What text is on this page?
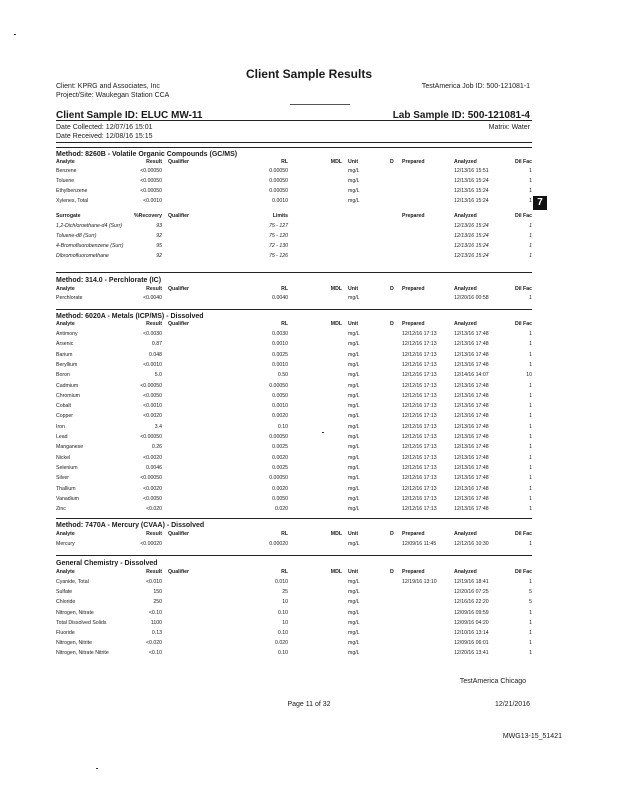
Client Sample Results
Client: KPRG and Associates, Inc
Project/Site: Waukegan Station CCA
TestAmerica Job ID: 500-121081-1
Client Sample ID: ELUC MW-11	Lab Sample ID: 500-121081-4
Date Collected: 12/07/16 15:01
Date Received: 12/08/16 15:15
Matrix: Water
7
Method: 8260B - Volatile Organic Compounds (GC/MS)
Analyte	Result Qualifier	RL	MDL Unit	D Prepared	Analyzed	Dil Fac
Benzene	<0.00050	0.00050	mg/L	12/13/16 15:51	1
Toluene	<0.00050	0.00050	mg/L	12/13/16 15:24	1
Ethylbenzene	<0.00050	0.00050	mg/L	12/13/16 15:24	1
Xylenes, Total	<0.0010	0.0010	mg/L	12/13/16 15:24	1
Surrogate	%Recovery Qualifier	Limits	Prepared	Analyzed	Dil Fac
1,2-Dichloroethane-d4 (Surr)	93	75 - 127	12/13/16 15:24	1
Toluene-d8 (Surr)	92	75 - 120	12/13/16 15:24	1
4-Bromofluorobenzene (Surr)	95	72 - 130	12/13/16 15:24	1
Dibromofluoromethane	92	75 - 126	12/13/16 15:24	1
Method: 314.0 - Perchlorate (IC)
Analyte	Result Qualifier	RL	MDL Unit	D Prepared	Analyzed	Dil Fac
Perchlorate	<0.0040	0.0040	mg/L	12/20/16 00:58	1
Method: 6020A - Metals (ICP/MS) - Dissolved
Analyte	Result Qualifier	RL	MDL Unit	D Prepared	Analyzed	Dil Fac
Antimony	<0.0030	0.0030	mg/L	12/12/16 17:13	12/13/16 17:48	1
Arsenic	0.87	0.0010	mg/L	12/12/16 17:13	12/13/16 17:48	1
Barium	0.048	0.0025	mg/L	12/12/16 17:13	12/13/16 17:48	1
Beryllium	<0.0010	0.0010	mg/L	12/12/16 17:13	12/13/16 17:48	1
Boron	5.0	0.50	mg/L	12/12/16 17:13	12/14/16 14:07	10
Cadmium	<0.00050	0.00050	mg/L	12/12/16 17:13	12/13/16 17:48	1
Chromium	<0.0050	0.0050	mg/L	12/12/16 17:13	12/13/16 17:48	1
Cobalt	<0.0010	0.0010	mg/L	12/12/16 17:13	12/13/16 17:48	1
Copper	<0.0020	0.0020	mg/L	12/12/16 17:13	12/13/16 17:48	1
Iron	3.4	0.10	mg/L	12/12/16 17:13	12/13/16 17:48	1
Lead	<0.00050	0.00050	mg/L	12/12/16 17:13	12/13/16 17:48	1
Manganese	0.26	0.0025	mg/L	12/12/16 17:13	12/13/16 17:48	1
Nickel	<0.0020	0.0020	mg/L	12/12/16 17:13	12/13/16 17:48	1
Selenium	0.0046	0.0025	mg/L	12/12/16 17:13	12/13/16 17:48	1
Silver	<0.00050	0.00050	mg/L	12/12/16 17:13	12/13/16 17:48	1
Thallium	<0.0020	0.0020	mg/L	12/12/16 17:13	12/13/16 17:48	1
Vanadium	<0.0050	0.0050	mg/L	12/12/16 17:13	12/13/16 17:48	1
Zinc	<0.020	0.020	mg/L	12/12/16 17:13	12/13/16 17:48	1
Method: 7470A - Mercury (CVAA) - Dissolved
Analyte	Result Qualifier	RL	MDL Unit	D Prepared	Analyzed	Dil Fac
Mercury	<0.00020	0.00020	mg/L	12/09/16 11:45	12/12/16 10:30	1
General Chemistry - Dissolved
Analyte	Result Qualifier	RL	MDL Unit	D Prepared	Analyzed	Dil Fac
Cyanide, Total	<0.010	0.010	mg/L	12/19/16 13:10	12/19/16 18:41	1
Sulfate	150	25	mg/L	12/20/16 07:25	5
Chloride	250	10	mg/L	12/16/16 22:20	5
Nitrogen, Nitrate	<0.10	0.10	mg/L	12/09/16 09:59	1
Total Dissolved Solids	1100	10	mg/L	12/09/16 04:20	1
Fluoride	0.13	0.10	mg/L	12/10/16 13:14	1
Nitrogen, Nitrite	<0.020	0.020	mg/L	12/09/16 06:01	1
Nitrogen, Nitrate Nitrite	<0.10	0.10	mg/L	12/20/16 13:41	1
TestAmerica Chicago
Page 11 of 32	12/21/2016
MWG13-15_51421
